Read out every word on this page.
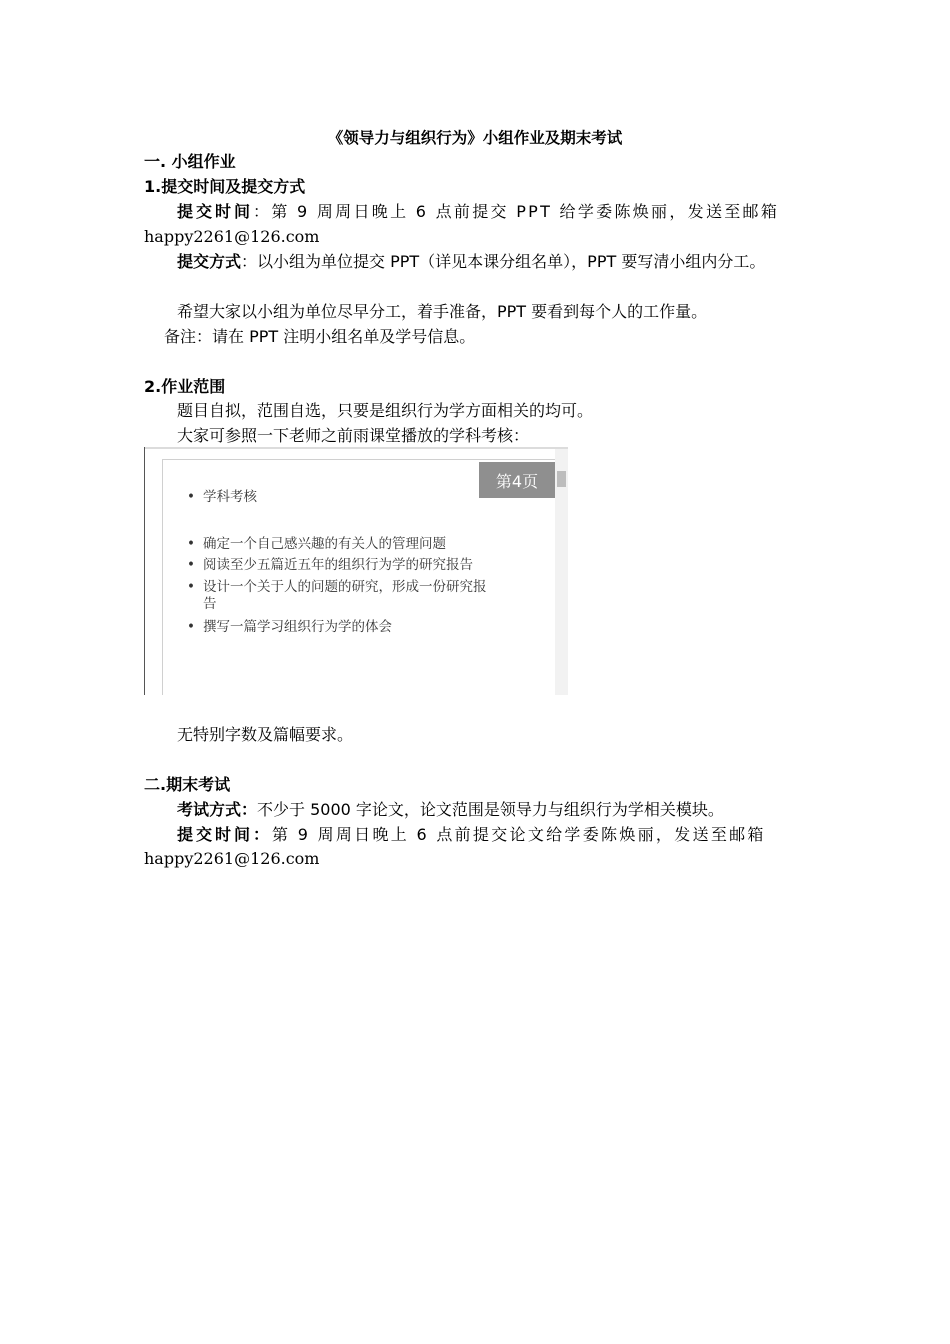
《领导力与组织行为》小组作业及期末考试
一. 小组作业
1.提交时间及提交方式
提交时间 ：第 9 周周日晚上 6 点前提交 PPT 给学委陈焕丽，发送至邮箱
happy2261@126.com
提交方式：以小组为单位提交 PPT（详见本课分组名单），PPT 要写清小组内分工。
希望大家以小组为单位尽早分工，着手准备，PPT 要看到每个人的工作量。
备注：请在 PPT 注明小组名单及学号信息。
2.作业范围
题目自拟，范围自选，只要是组织行为学方面相关的均可。
大家可参照一下老师之前雨课堂播放的学科考核：
第4页
• 学科考核
• 确定一个自己感兴趣的有关人的管理问题
• 阅读至少五篇近五年的组织行为学的研究报告
• 设计一个关于人的问题的研究，形成一份研究报
告
• 撰写一篇学习组织行为学的体会
无特别字数及篇幅要求。
二.期末考试
考试方式：不少于 5000 字论文，论文范围是领导力与组织行为学相关模块。
提交时间： 第 9 周周日晚上 6 点前提交论文给学委陈焕丽，发送至邮箱
happy2261@126.com
